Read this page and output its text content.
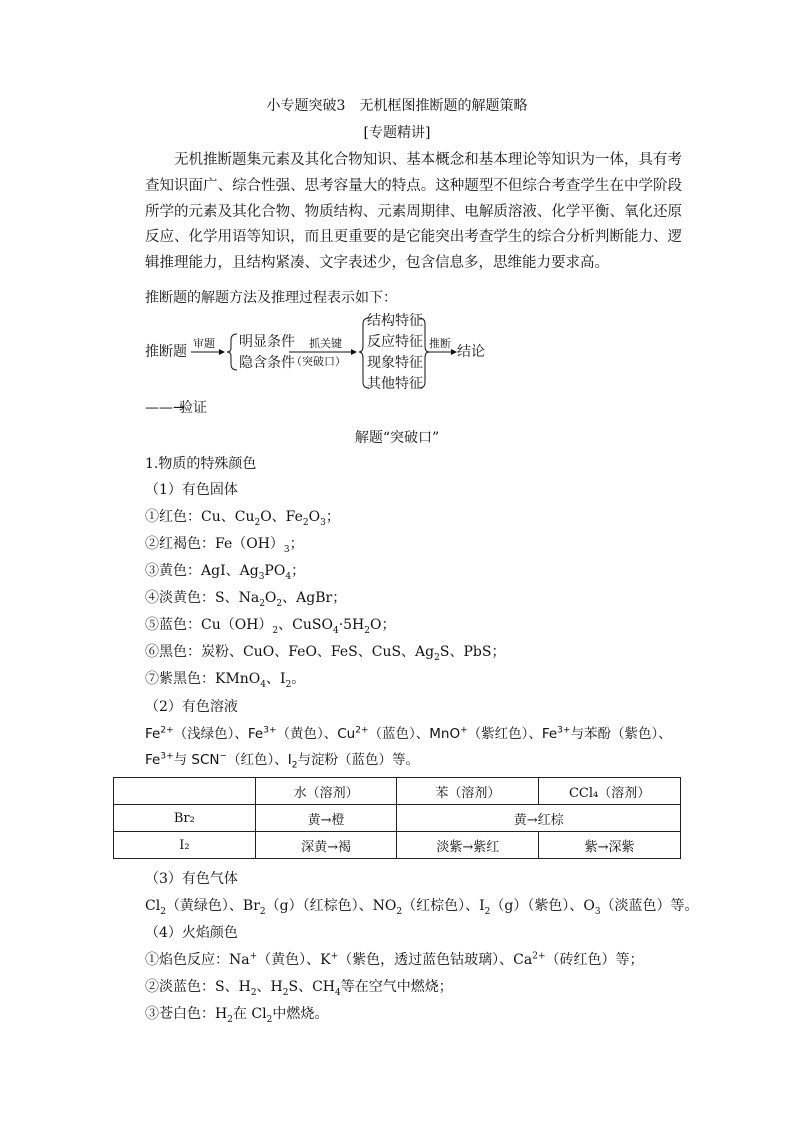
小专题突破3　无机框图推断题的解题策略
[专题精讲]
无机推断题集元素及其化合物知识、基本概念和基本理论等知识为一体，具有考查知识面广、综合性强、思考容量大的特点。这种题型不但综合考查学生在中学阶段所学的元素及其化合物、物质结构、元素周期律、电解质溶液、化学平衡、氧化还原反应、化学用语等知识，而且更重要的是它能突出考查学生的综合分析判断能力、逻辑推理能力，且结构紧凑、文字表述少，包含信息多，思维能力要求高。
推断题的解题方法及推理过程表示如下：
推断题
审题 明显条件
隐含条件
抓关键
（突破口）
结构特征
反应特征
现象特征
其他特征
推断
结论
——→
验证
解题“突破口”
1.物质的特殊颜色
（1）有色固体
①红色：Cu、$Cu_2O$、$Fe_2O_3$；
②红褐色：$Fe(OH)_3$；
③黄色：AgI、$Ag_3PO_4$；
④淡黄色：S、$Na_2O_2$、AgBr；
⑤蓝色：$Cu(OH)_2$、$CuSO_4\cdot 5H_2O$；
⑥黑色：炭粉、CuO、FeO、FeS、CuS、$Ag_2S$、PbS；
⑦紫黑色：KMnO$_4$、$I_2$。
（2）有色溶液
$Fe^{2+}$（浅绿色）、$Fe^{3+}$（黄色）、$Cu^{2+}$（蓝色）、MnO+（紫红色）、$Fe^{3+}$与苯酚（紫色）、
$Fe^{3+}$与 SCN−（红色）、$I_2$与淀粉（蓝色）等。
	水（溶剂）	苯（溶剂）	CCl₄（溶剂）
Br₂	黄→橙	黄→红棕	
I₂	深黄→褐	淡紫→紫红	紫→深紫
（3）有色气体
$Cl_2$（黄绿色）、$Br_2(g)$（红棕色）、$NO_2$（红棕色）、$I_2(g)$（紫色）、$O_3$（淡蓝色）等。
（4）火焰颜色
①焰色反应：Na+（黄色）、K+（紫色，透过蓝色钴玻璃）、$Ca^{2+}$（砖红色）等；
②淡蓝色：S、$H_2$、$H_2S$、$CH_4$等在空气中燃烧；
③苍白色：$H_2$在 $Cl_2$中燃烧。
